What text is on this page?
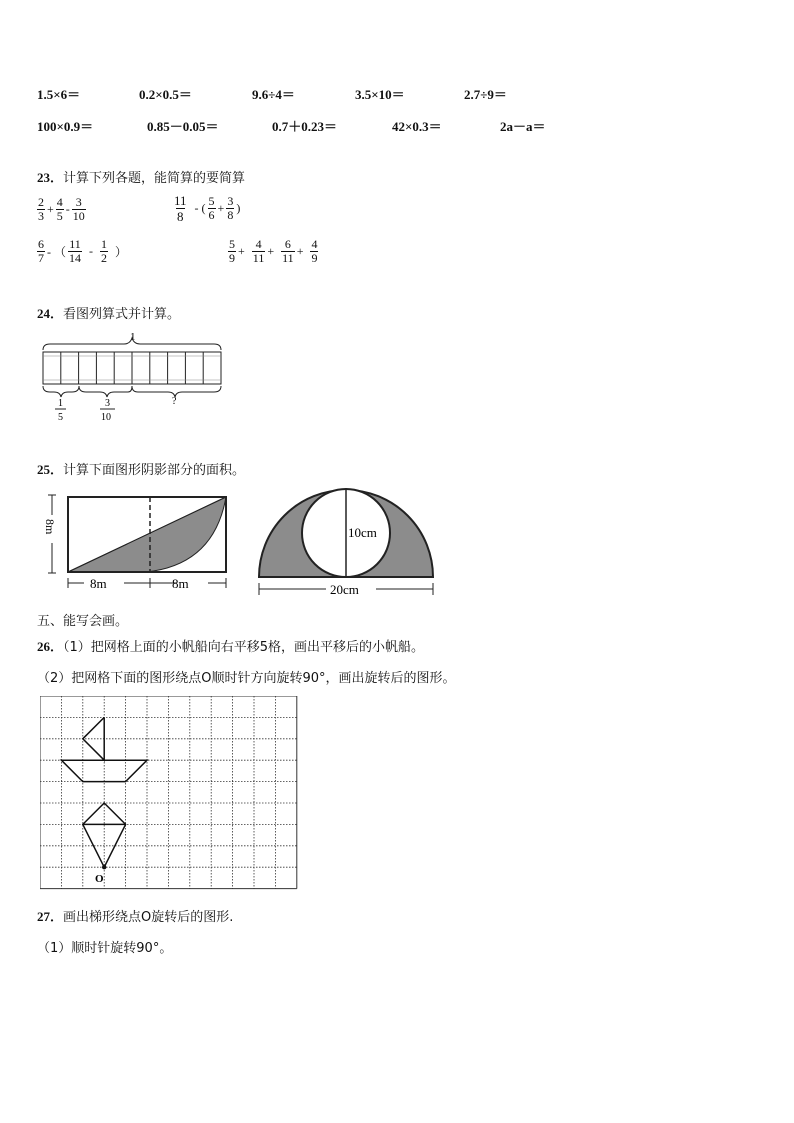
1.5×6＝	0.2×0.5＝	9.6÷4＝	3.5×10＝	2.7÷9＝
100×0.9＝	0.85－0.05＝	0.7＋0.23＝	42×0.3＝	2a－a＝
23．计算下列各题，能简算的要简算
$\frac{2}{3} + \frac{4}{5} - \frac{3}{10}$	$\frac{11}{8}$ - ( $\frac{5}{6} + \frac{3}{8}$ )
$\frac{6}{7}$ - （ $\frac{11}{14} - \frac{1}{2}$ ）	$\frac{5}{9} + \frac{4}{11} + \frac{6}{11} + \frac{4}{9}$
24．看图列算式并计算。
1
1
5
3
10
?
25．计算下面图形阴影部分的面积。
8m
8m	8m
10cm
20cm
五、能写会画。
26．（1）把网格上面的小帆船向右平移5格，画出平移后的小帆船。
（2）把网格下面的图形绕点O顺时针方向旋转90°，画出旋转后的图形。
O
27．画出梯形绕点O旋转后的图形.
（1）顺时针旋转90°。
